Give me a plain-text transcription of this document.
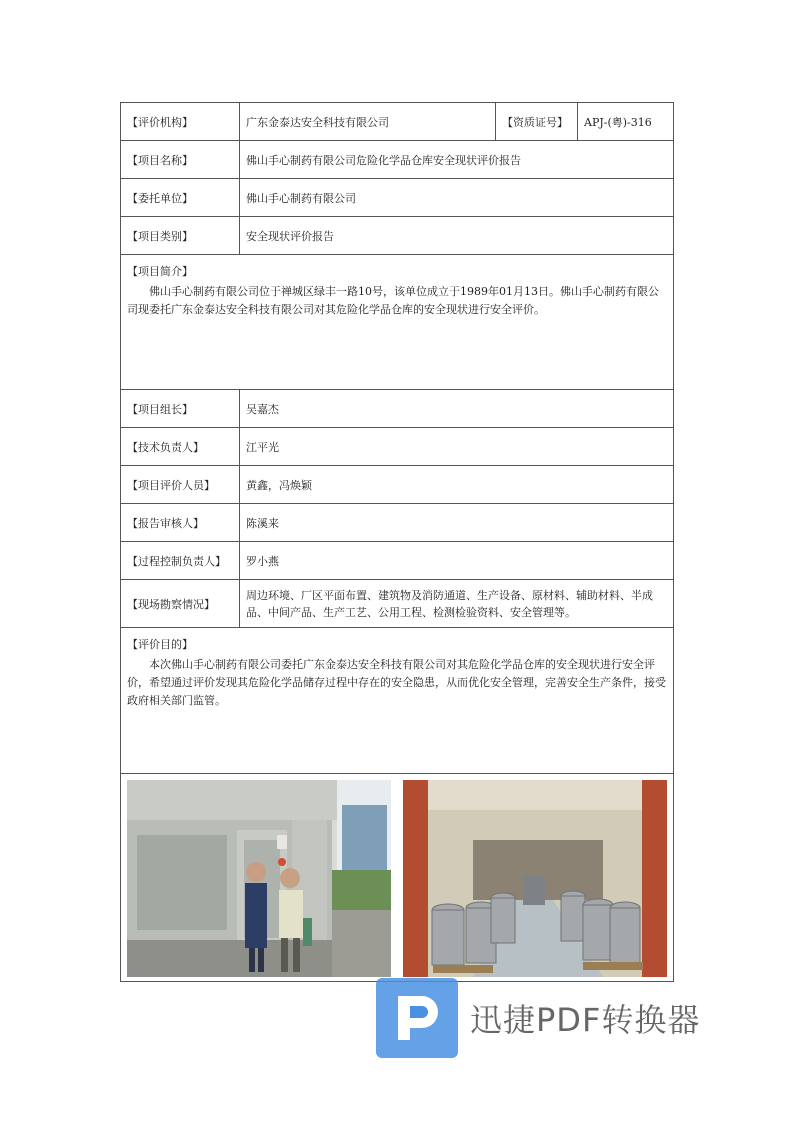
【评价机构】	广东金泰达安全科技有限公司	【资质证号】	APJ-(粤)-316
【项目名称】	佛山手心制药有限公司危险化学品仓库安全现状评价报告		
【委托单位】	佛山手心制药有限公司		
【项目类别】	安全现状评价报告		

【项目简介】
佛山手心制药有限公司位于禅城区绿丰一路10号，该单位成立于1989年01月13日。佛山手心制药有限公司现委托广东金泰达安全科技有限公司对其危险化学品仓库的安全现状进行安全评价。			

【项目组长】	吴嘉杰		
【技术负责人】	江平光		
【项目评价人员】	黄鑫，冯焕颖		
【报告审核人】	陈溪来		
【过程控制负责人】	罗小燕		
【现场勘察情况】	周边环境、厂区平面布置、建筑物及消防通道、生产设备、原材料、辅助材料、半成品、中间产品、生产工艺、公用工程、检测检验资料、安全管理等。		

【评价目的】
本次佛山手心制药有限公司委托广东金泰达安全科技有限公司对其危险化学品仓库的安全现状进行安全评价，希望通过评价发现其危险化学品储存过程中存在的安全隐患，从而优化安全管理，完善安全生产条件，接受政府相关部门监管。			

迅捷PDF转换器
